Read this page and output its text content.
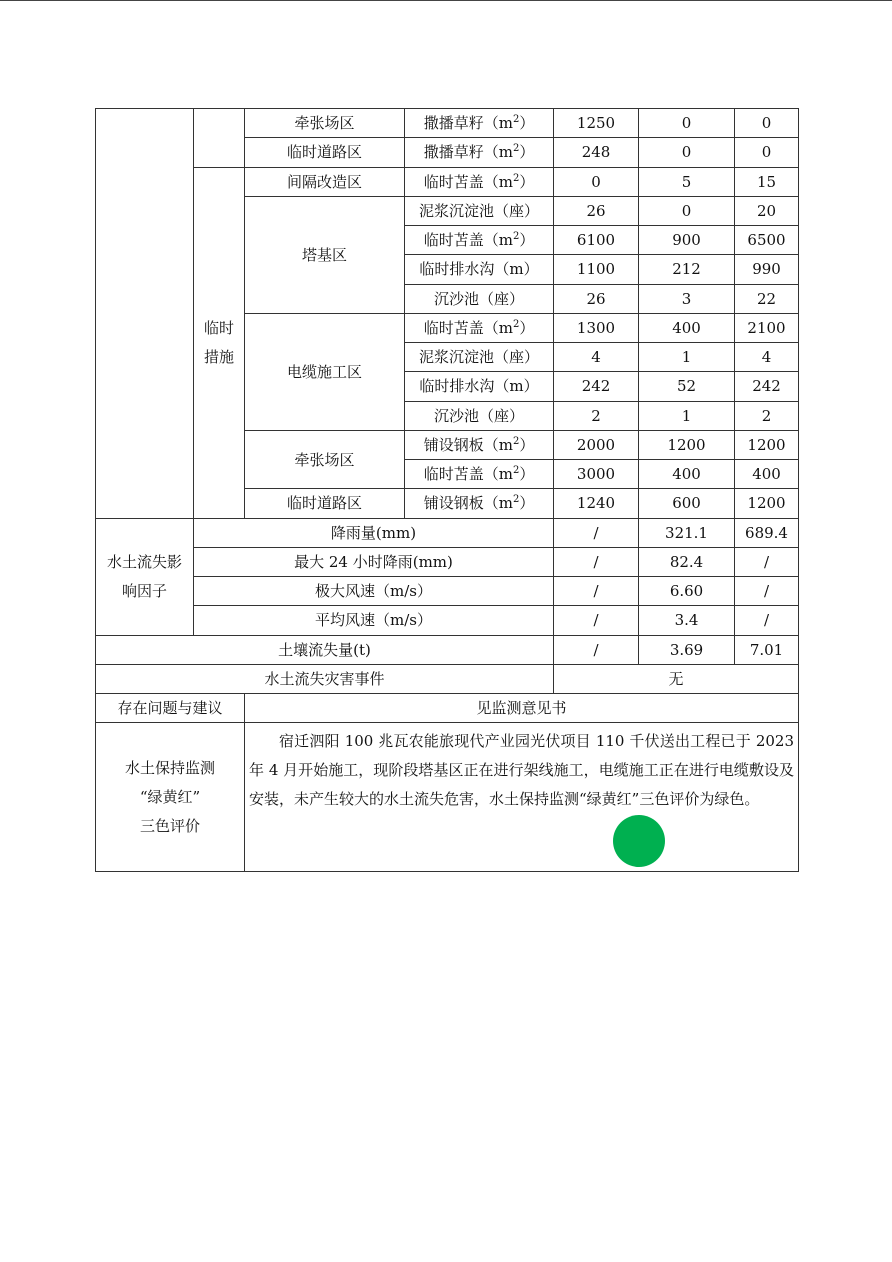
		牵张场区	撒播草籽$(m^2)$	1250	0	0
		临时道路区	撒播草籽$(m^2)$	248	0	0
	临时措施	间隔改造区	临时苫盖$(m^2)$	0	5	15
		塔基区	泥浆沉淀池（座）	26	0	20
			临时苫盖$(m^2)$	6100	900	6500
			临时排水沟（m）	1100	212	990
			沉沙池（座）	26	3	22
		电缆施工区	临时苫盖$(m^2)$	1300	400	2100
			泥浆沉淀池（座）	4	1	4
			临时排水沟（m）	242	52	242
			沉沙池（座）	2	1	2
		牵张场区	铺设钢板$(m^2)$	2000	1200	1200
			临时苫盖$(m^2)$	3000	400	400
		临时道路区	铺设钢板$(m^2)$	1240	600	1200
水土流失影响因子	降雨量(mm)			/	321.1	689.4
	最大 24 小时降雨(mm)			/	82.4	/
	极大风速（m/s）			/	6.60	/
	平均风速（m/s）			/	3.4	/
土壤流失量(t)				/	3.69	7.01
水土流失灾害事件				无		
存在问题与建议		见监测意见书				

水土保持监测
“绿黄红”
三色评价		宿迁泗阳 100 兆瓦农能旅现代产业园光伏项目 110 千伏送出工程已于 2023 年 4 月开始施工，现阶段塔基区正在进行架线施工，电缆施工正在进行电缆敷设及安装，未产生较大的水土流失危害，水土保持监测“绿黄红”三色评价为绿色。				
